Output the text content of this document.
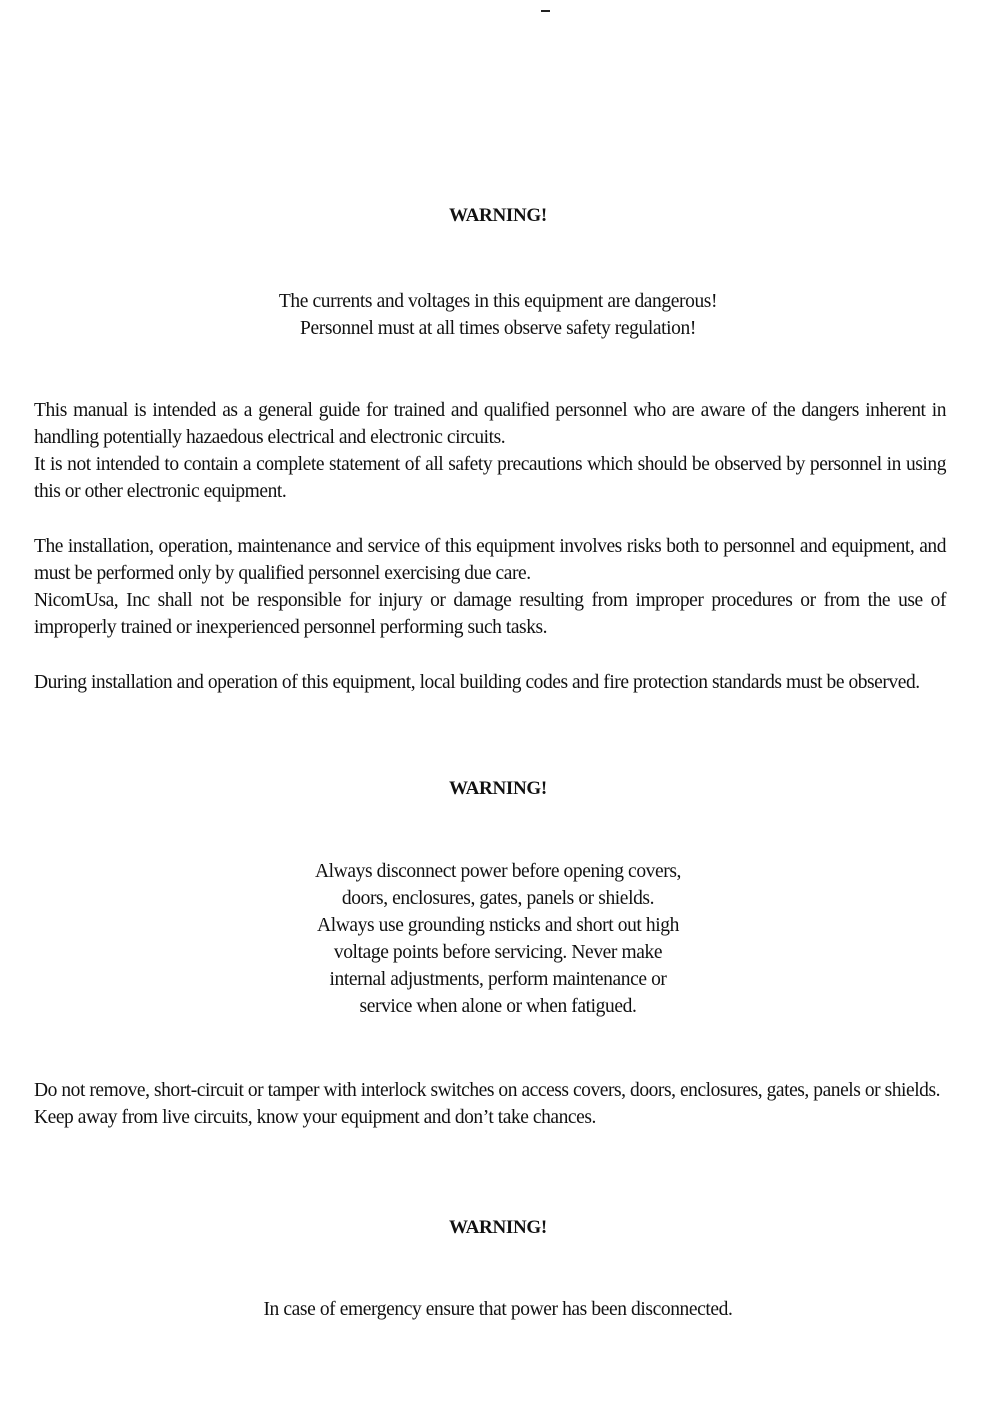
WARNING!
The currents and voltages in this equipment are dangerous!
Personnel must at all times observe safety regulation!

This manual is intended as a general guide for trained and qualified personnel who are aware of the dangers inherent in handling potentially hazaedous electrical and electronic circuits.

It is not intended to contain a complete statement of all safety precautions which should be observed by personnel in using this or other electronic equipment.

The installation, operation, maintenance and service of this equipment involves risks both to personnel and equipment, and must be performed only by qualified personnel exercising due care.

NicomUsa, Inc shall not be responsible for injury or damage resulting from improper procedures or from the use of improperly trained or inexperienced personnel performing such tasks.

During installation and operation of this equipment, local building codes and fire protection standards must be observed.

WARNING!
Always disconnect power before opening covers,
doors, enclosures, gates, panels or shields.
Always use grounding nsticks and short out high
voltage points before servicing. Never make
internal adjustments, perform maintenance or
service when alone or when fatigued.

Do not remove, short-circuit or tamper with interlock switches on access covers, doors, enclosures, gates, panels or shields.

Keep away from live circuits, know your equipment and don’t take chances.

WARNING!
In case of emergency ensure that power has been disconnected.
